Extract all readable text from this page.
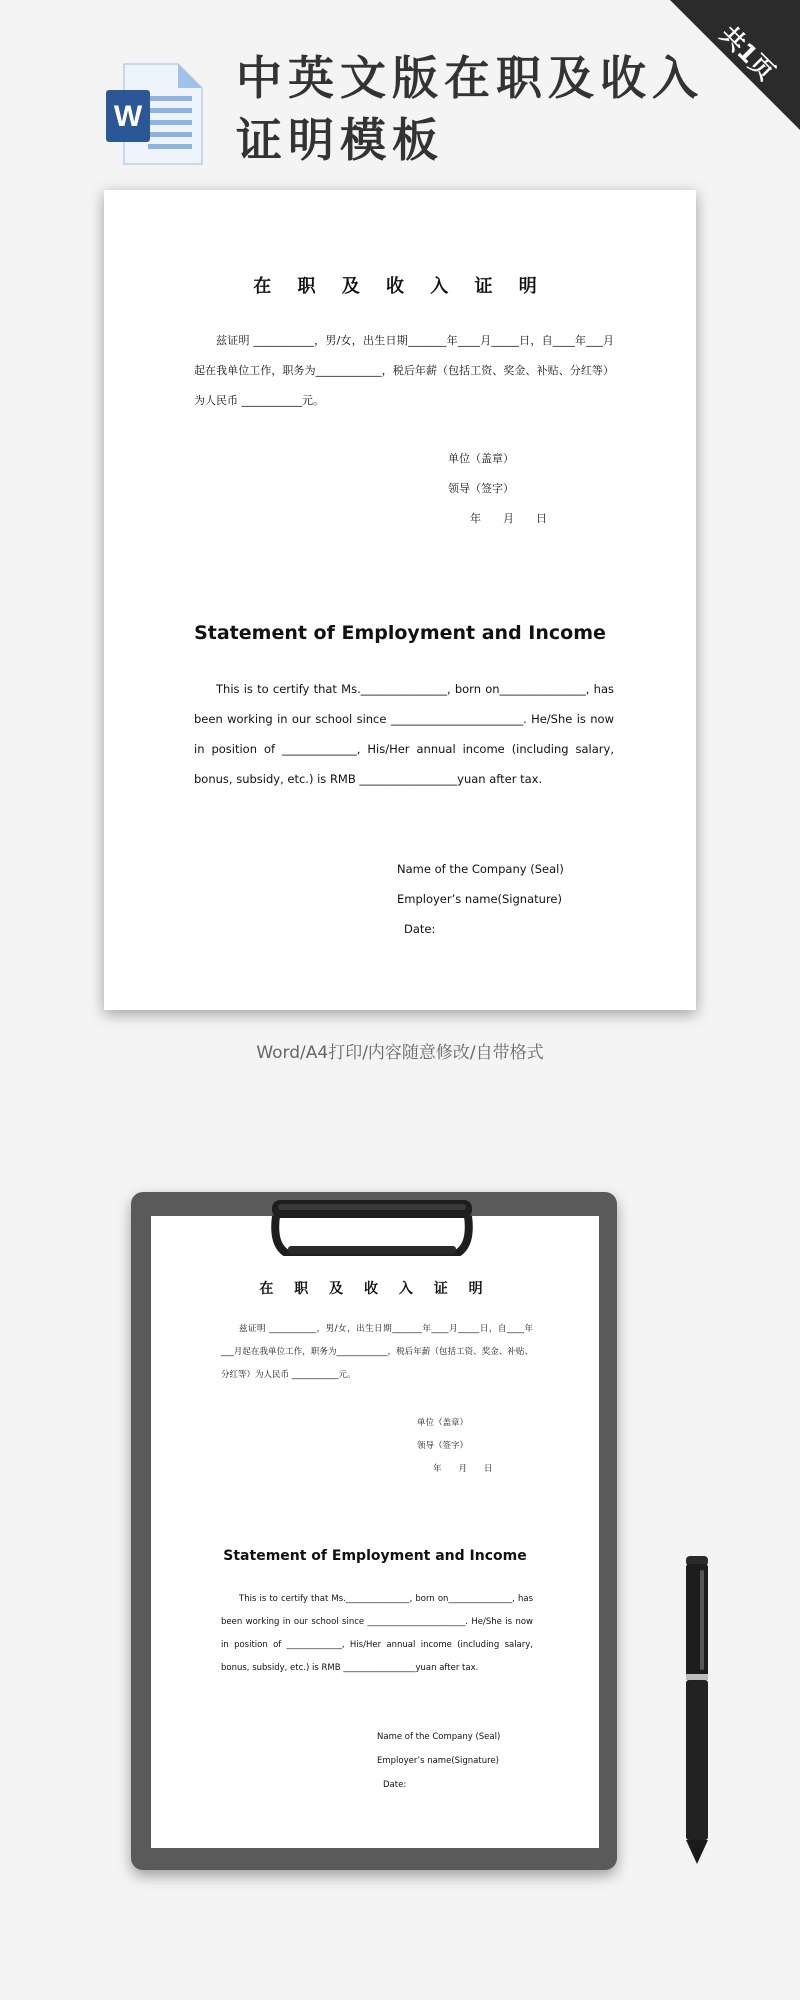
W
中英文版在职及收入
证明模板
共1页
在 职 及 收 入 证 明

兹证明 ___________，男/女，出生日期_______年____月_____日，自____年___月起在我单位工作，职务为____________，税后年薪（包括工资、奖金、补贴、分红等）为人民币 ___________元。

单位（盖章）
领导（签字）
年　　月　　日
Statement of Employment and Income

This is to certify that Ms._______________, born on_______________, has been working in our school since _______________________. He/She is now in position of _____________, His/Her annual income (including salary, bonus, subsidy, etc.) is RMB _________________yuan after tax.

Name of the Company (Seal)
Employer’s name(Signature)
Date:
Word/A4打印/内容随意修改/自带格式
在 职 及 收 入 证 明

兹证明 ___________，男/女，出生日期_______年____月_____日，自____年___月起在我单位工作，职务为____________，税后年薪（包括工资、奖金、补贴、分红等）为人民币 ___________元。

单位（盖章）
领导（签字）
年　　月　　日
Statement of Employment and Income

This is to certify that Ms._______________, born on_______________, has been working in our school since _______________________. He/She is now in position of _____________, His/Her annual income (including salary, bonus, subsidy, etc.) is RMB _________________yuan after tax.

Name of the Company (Seal)
Employer’s name(Signature)
Date:
